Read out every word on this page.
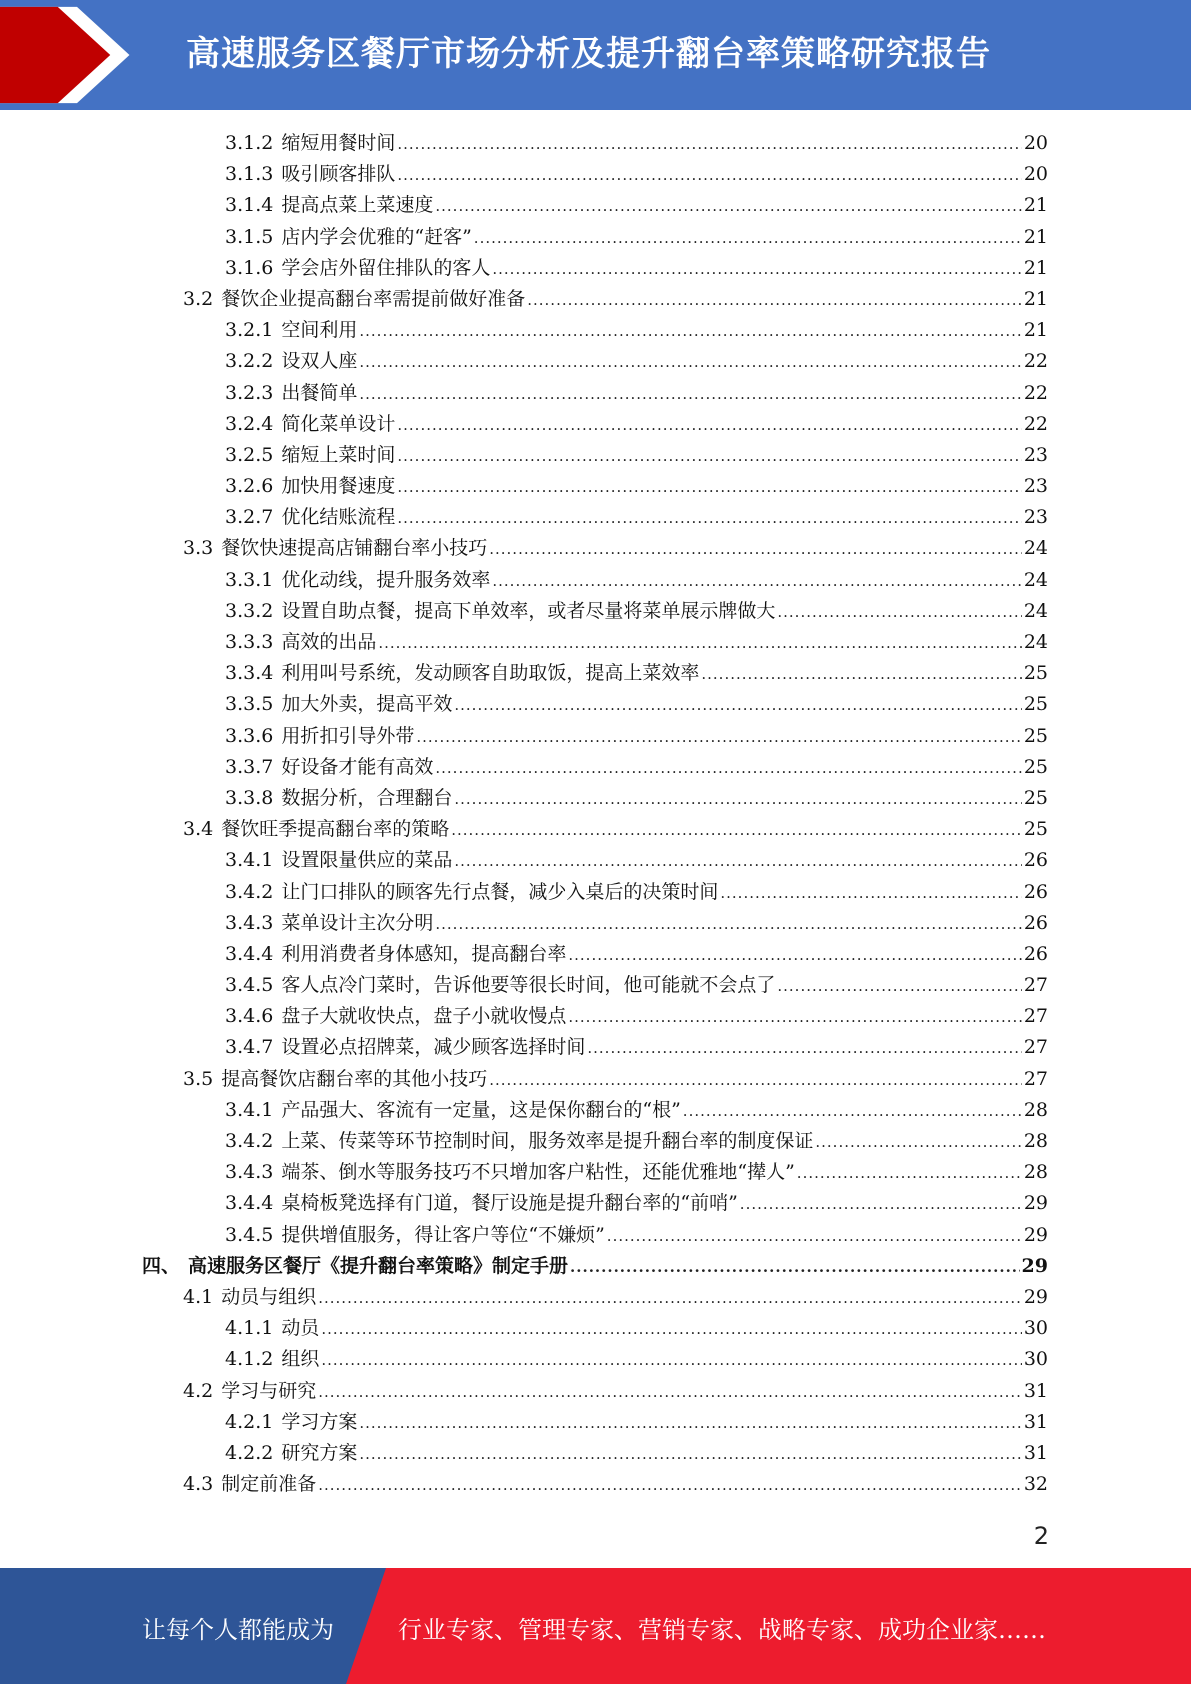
高速服务区餐厅市场分析及提升翻台率策略研究报告
3.1.2 缩短用餐时间 .....	20
3.1.3 吸引顾客排队 .....	20
3.1.4 提高点菜上菜速度 .....	21
3.1.5 店内学会优雅的“赶客” .....	21
3.1.6 学会店外留住排队的客人 .....	21
3.2 餐饮企业提高翻台率需提前做好准备 .....	21
3.2.1 空间利用 .....	21
3.2.2 设双人座 .....	22
3.2.3 出餐简单 .....	22
3.2.4 简化菜单设计 .....	22
3.2.5 缩短上菜时间 .....	23
3.2.6 加快用餐速度 .....	23
3.2.7 优化结账流程 .....	23
3.3 餐饮快速提高店铺翻台率小技巧 .....	24
3.3.1 优化动线，提升服务效率 .....	24
3.3.2 设置自助点餐，提高下单效率，或者尽量将菜单展示牌做大 .....	24
3.3.3 高效的出品 .....	24
3.3.4 利用叫号系统，发动顾客自助取饭，提高上菜效率 .....	25
3.3.5 加大外卖，提高平效 .....	25
3.3.6 用折扣引导外带 .....	25
3.3.7 好设备才能有高效 .....	25
3.3.8 数据分析，合理翻台 .....	25
3.4 餐饮旺季提高翻台率的策略 .....	25
3.4.1 设置限量供应的菜品 .....	26
3.4.2 让门口排队的顾客先行点餐，减少入桌后的决策时间 .....	26
3.4.3 菜单设计主次分明 .....	26
3.4.4 利用消费者身体感知，提高翻台率 .....	26
3.4.5 客人点冷门菜时，告诉他要等很长时间，他可能就不会点了 .....	27
3.4.6 盘子大就收快点，盘子小就收慢点 .....	27
3.4.7 设置必点招牌菜，减少顾客选择时间 .....	27
3.5 提高餐饮店翻台率的其他小技巧 .....	27
3.4.1 产品强大、客流有一定量，这是保你翻台的“根” .....	28
3.4.2 上菜、传菜等环节控制时间，服务效率是提升翻台率的制度保证 .....	28
3.4.3 端茶、倒水等服务技巧不只增加客户粘性，还能优雅地“撵人” .....	28
3.4.4 桌椅板凳选择有门道，餐厅设施是提升翻台率的“前哨” .....	29
3.4.5 提供增值服务，得让客户等位“不嫌烦” .....	29
四、 高速服务区餐厅《提升翻台率策略》制定手册 .....	29
4.1 动员与组织 .....	29
4.1.1 动员 .....	30
4.1.2 组织 .....	30
4.2 学习与研究 .....	31
4.2.1 学习方案 .....	31
4.2.2 研究方案 .....	31
4.3 制定前准备 .....	32
2
让每个人都能成为	行业专家、管理专家、营销专家、战略专家、成功企业家……
